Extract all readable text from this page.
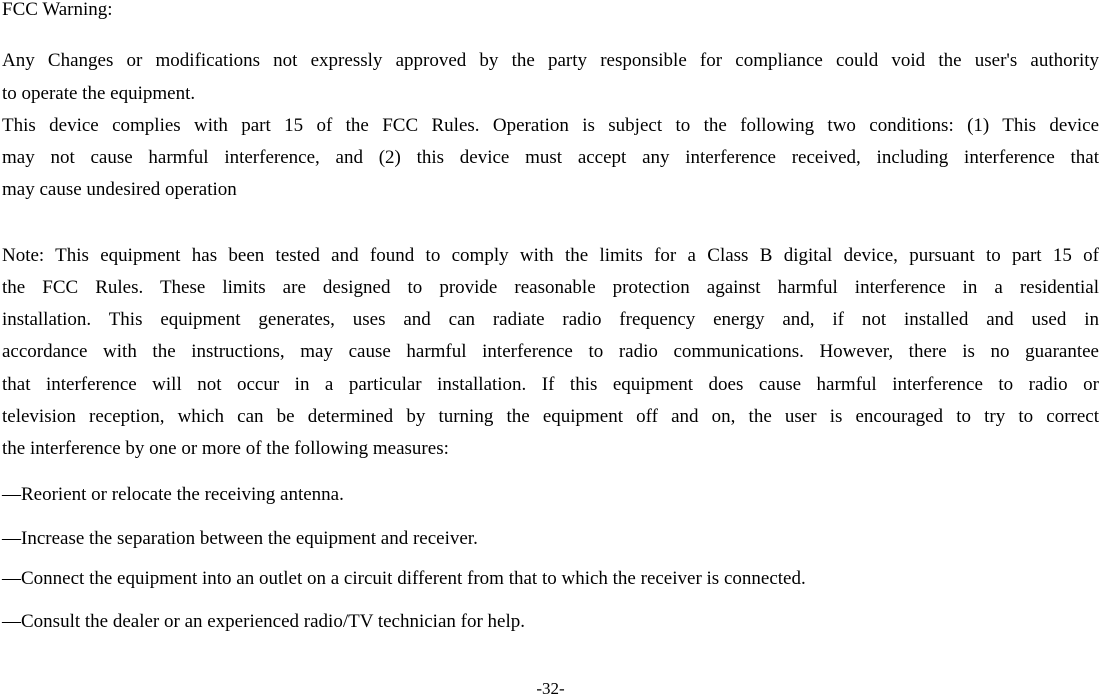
FCC Warning:
Any Changes or modifications not expressly approved by the party responsible for compliance could void the user's authority
to operate the equipment.
This device complies with part 15 of the FCC Rules. Operation is subject to the following two conditions: (1) This device
may not cause harmful interference, and (2) this device must accept any interference received, including interference that
may cause undesired operation
Note: This equipment has been tested and found to comply with the limits for a Class B digital device, pursuant to part 15 of
the FCC Rules. These limits are designed to provide reasonable protection against harmful interference in a residential
installation. This equipment generates, uses and can radiate radio frequency energy and, if not installed and used in
accordance with the instructions, may cause harmful interference to radio communications. However, there is no guarantee
that interference will not occur in a particular installation. If this equipment does cause harmful interference to radio or
television reception, which can be determined by turning the equipment off and on, the user is encouraged to try to correct
the interference by one or more of the following measures:
—Reorient or relocate the receiving antenna.
—Increase the separation between the equipment and receiver.
—Connect the equipment into an outlet on a circuit different from that to which the receiver is connected.
—Consult the dealer or an experienced radio/TV technician for help.
-32-
